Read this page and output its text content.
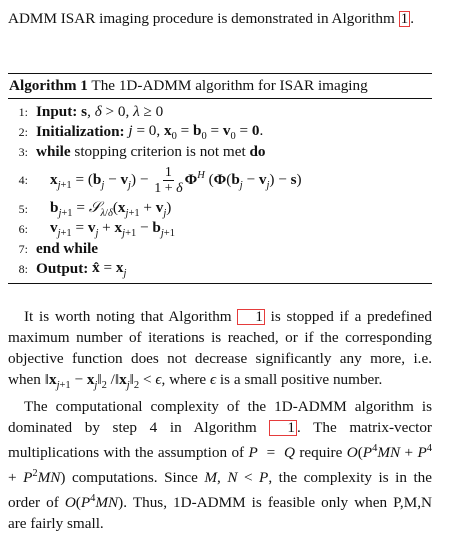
ADMM ISAR imaging procedure is demonstrated in Algorithm 1 .

Algorithm 1 The 1D-ADMM algorithm for ISAR imaging
1: Input:
s, δ > 0, λ ≥ 0
2: Initialization:
j = 0, $x_0 = b_0 = v_0 = 0$.
3: while
stopping criterion is not met
do
4:	$x_{j+1} = (b_j - v_j) - \frac{1}{1 + \delta} \Phi^H$ $(\Phi(b_j - v_j) - s)$
5:	$b_{j+1}$ = $𝒮_{\lambda/\delta}(x_{j+1} + v_j)$
6:	$v_{j+1} = v_j + x_{j+1} - b_{j+1}$
7: end while
8: Output:
x̂ = $x_j$

It is worth noting that Algorithm 1 is stopped if a predefined maximum number of iterations is reached, or if the corresponding objective function does not decrease significantly any more, i.e. when $‖x_{j+1}$ − $x_j‖_2$ $/‖x_j‖_2 < \epsilon$, where ϵ is a small positive number.

The computational complexity of the 1D-ADMM algorithm is dominated by step 4 in Algorithm 1 . The matrix-vector multiplications with the assumption of P  =  Q require $O(P^4MN + P^4 + P^2MN)$ computations. Since M, N < P, the complexity is in the order of $O(P^4MN)$. Thus, 1D-ADMM is feasible only when P,M,N are fairly small.
